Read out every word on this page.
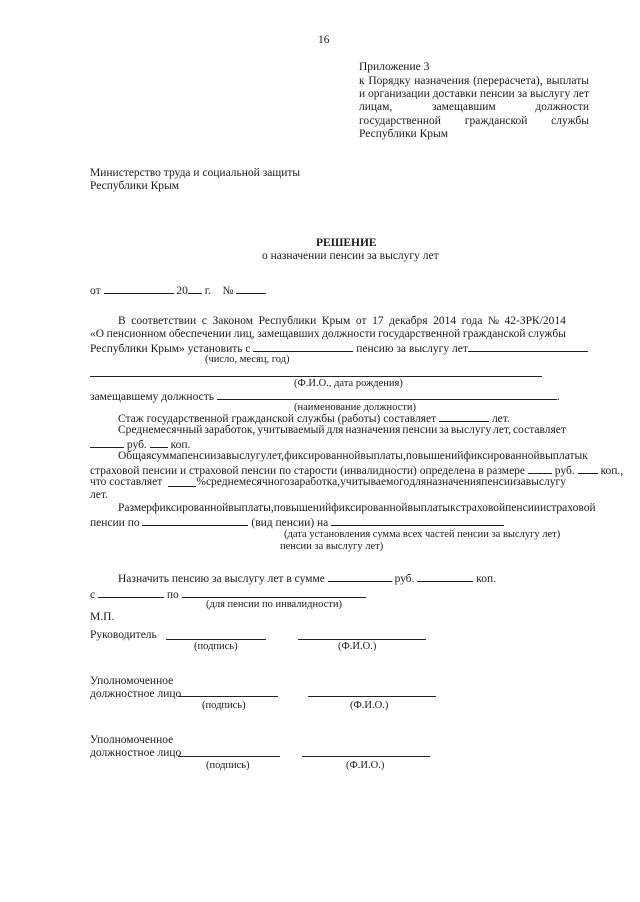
16
Приложение 3
к Порядку назначения (перерасчета), выплаты
и организации доставки пенсии за выслугу лет
лицам,	замещавшим	должности
государственной гражданской службы
Республики Крым
Министерство труда и социальной защиты
Республики Крым
РЕШЕНИЕ
о назначении пенсии за выслугу лет
от	20 г. №
В соответствии с Законом Республики Крым от 17 декабря 2014 года № 42-ЗРК/2014
«О пенсионном обеспечении лиц, замещавших должности государственной гражданской службы
Республики Крым» установить с	пенсию за выслугу лет
(число, месяц, год)
(Ф.И.О., дата рождения)
замещавшему должность	.
(наименование должности)
Стаж государственной гражданской службы (работы) составляет	лет.
Среднемесячный заработок, учитываемый для назначения пенсии за выслугу лет, составляет
руб. коп.
Общая сумма пенсии за выслугу лет, фиксированной выплаты, повышений фиксированной выплаты к
страховой пенсии и страховой пенсии по старости (инвалидности) определена в размере	руб. коп.,
что составляет
	% среднемесячного заработка, учитываемого для назначения пенсии за выслугу
лет.
Размер фиксированной выплаты, повышений фиксированной выплаты к страховой пенсии и страховой
пенсии по	(вид пенсии) на
(дата установления сумма всех частей пенсии за выслугу лет)
пенсии за выслугу лет)
Назначить пенсию за выслугу лет в сумме	руб.	коп.
с	по
(для пенсии по инвалидности)
М.П.
Руководитель
(подпись)	(Ф.И.О.)
Уполномоченное
должностное лицо
(подпись)	(Ф.И.О.)
Уполномоченное
должностное лицо
(подпись)	(Ф.И.О.)
